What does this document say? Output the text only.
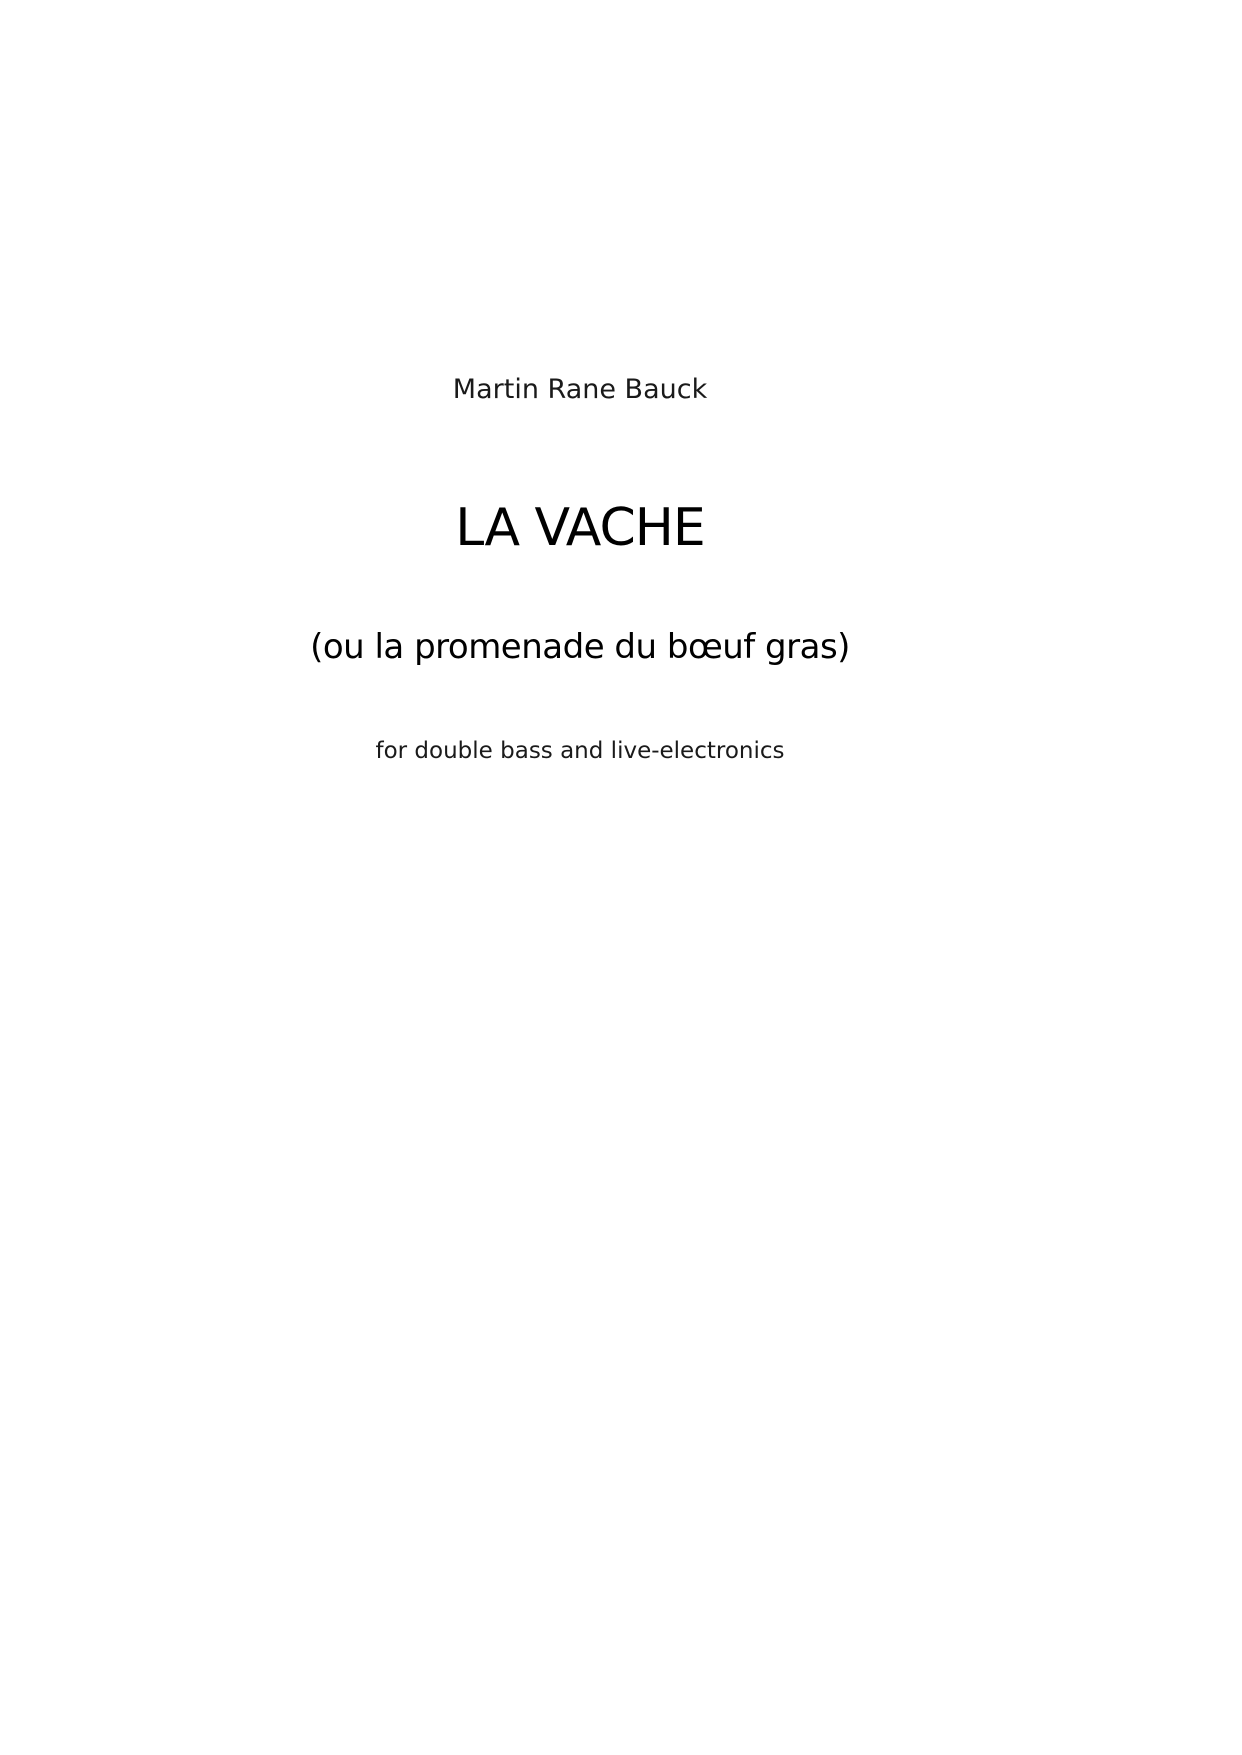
Martin Rane Bauck
LA VACHE
(ou la promenade du bœuf gras)
for double bass and live-electronics
